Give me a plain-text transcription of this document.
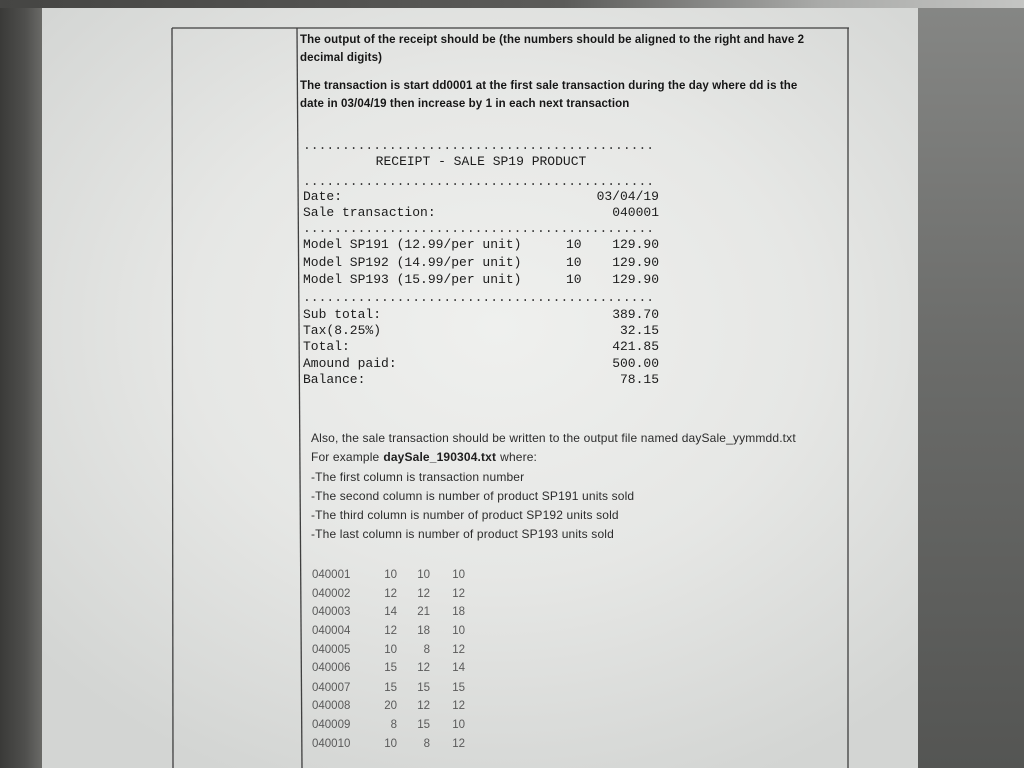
The output of the receipt should be (the numbers should be aligned to the right and have 2
decimal digits)
The transaction is start dd0001 at the first sale transaction during the day where dd is the
date in 03/04/19 then increase by 1 in each next transaction
.............................................
RECEIPT - SALE SP19 PRODUCT
.............................................
Date:	03/04/19
Sale transaction:	040001
.............................................
Model SP191 (12.99/per unit)	10 129.90
Model SP192 (14.99/per unit)	10 129.90
Model SP193 (15.99/per unit)	10 129.90
.............................................
Sub total:	389.70
Tax(8.25%)	32.15
Total:	421.85
Amound paid:	500.00
Balance:	78.15
Also, the sale transaction should be written to the output file named daySale_yymmdd.txt
For example daySale_190304.txt where:
-The first column is transaction number
-The second column is number of product SP191 units sold
-The third column is number of product SP192 units sold
-The last column is number of product SP193 units sold
040001	10	10	10
040002	12	12	12
040003	14	21	18
040004	12	18	10
040005	10	8	12
040006	15	12	14
040007	15	15	15
040008	20	12	12
040009	8	15	10
040010	10	8	12
